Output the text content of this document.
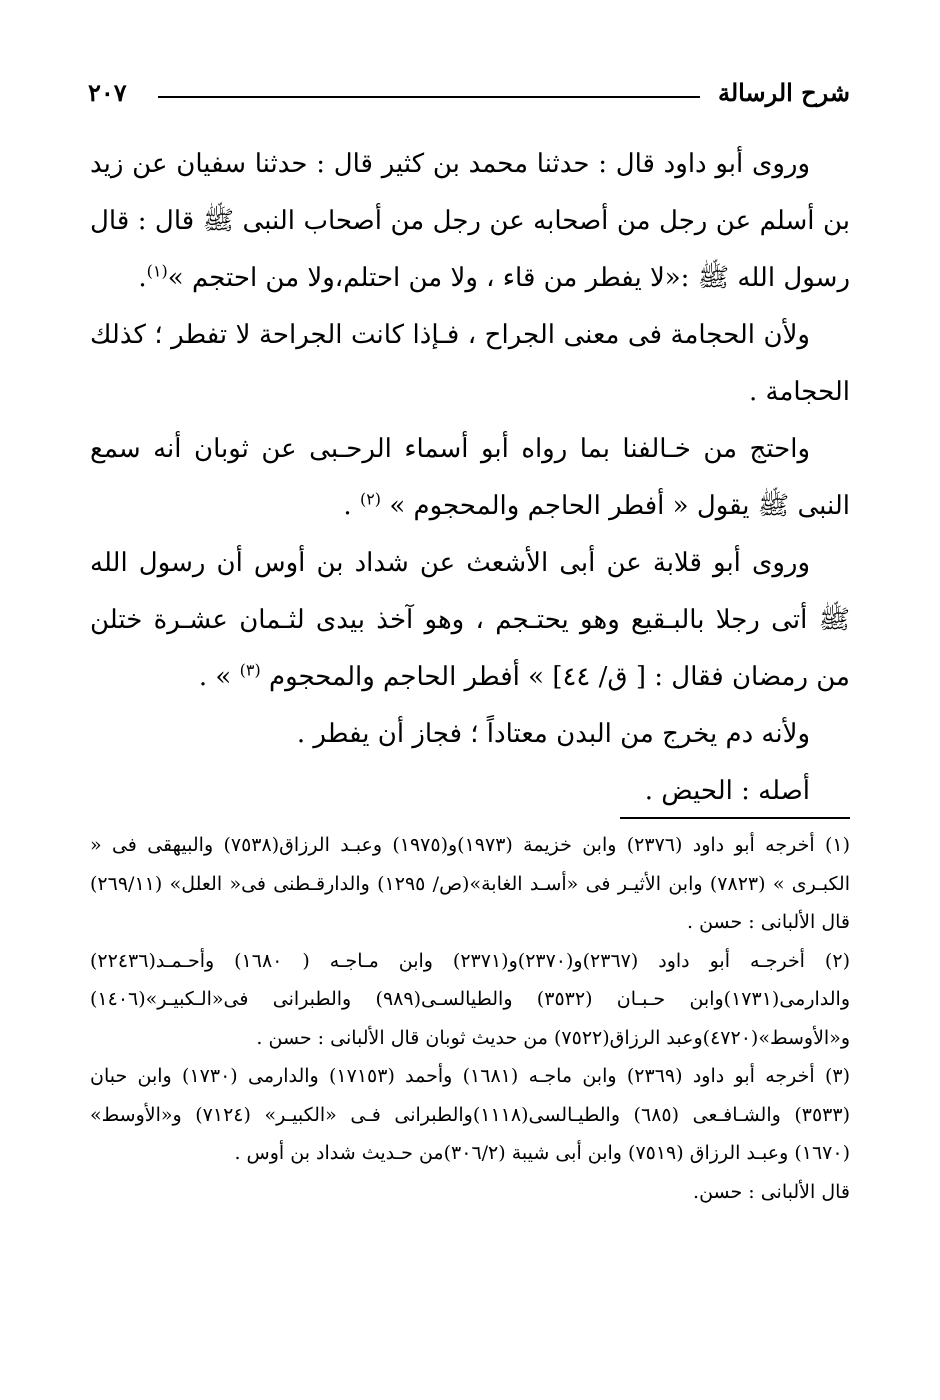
شرح الرسالة
٢٠٧

وروى أبو داود قال : حدثنا محمد بن كثير قال : حدثنا سفيان عن زيد بن أسلم عن رجل من أصحابه عن رجل من أصحاب النبى ﷺ قال : قال رسول الله ﷺ :«لا يفطر من قاء ، ولا من احتلم،ولا من احتجم »$^{(١)}$.

ولأن الحجامة فى معنى الجراح ، فـإذا كانت الجراحة لا تفطر ؛ كذلك الحجامة .

واحتج من خـالفنا بما رواه أبو أسماء الرحـبى عن ثوبان أنه سمع النبى ﷺ يقول « أفطر الحاجم والمحجوم » $^{(٢)}$ .

وروى أبو قلابة عن أبى الأشعث عن شداد بن أوس أن رسول الله ﷺ أتى رجلا بالبـقيع وهو يحتـجم ، وهو آخذ بيدى لثـمان عشـرة ختلن من رمضان فقال : [ ق/ ٤٤] » أفطر الحاجم والمحجوم $^{(٣)}$ » .

ولأنه دم يخرج من البدن معتاداً ؛ فجاز أن يفطر .

أصله : الحيض .

(١) أخرجه أبو داود (٢٣٧٦) وابن خزيمة (١٩٧٣)و(١٩٧٥) وعبـد الرزاق(٧٥٣٨) والبيهقى فى « الكبـرى » (٧٨٢٣) وابن الأثيـر فى «أسـد الغابة»(ص/ ١٢٩٥) والدارقـطنى فى« العلل» (٢٦٩/١١) قال الألبانى : حسن .

(٢) أخرجـه أبو داود (٢٣٦٧)و(٢٣٧٠)و(٢٣٧١) وابن مـاجـه ( ١٦٨٠) وأحـمـد(٢٢٤٣٦) والدارمى(١٧٣١)وابن حـبـان (٣٥٣٢) والطيالسـى(٩٨٩) والطبرانى فى«الـكبيـر»(١٤٠٦) و«الأوسط»(٤٧٢٠)وعبد الرزاق(٧٥٢٢) من حديث ثوبان قال الألبانى : حسن .

(٣) أخرجه أبو داود (٢٣٦٩) وابن ماجـه (١٦٨١) وأحمد (١٧١٥٣) والدارمى (١٧٣٠) وابن حبان (٣٥٣٣) والشـافـعى (٦٨٥) والطيـالسى(١١١٨)والطبرانى فـى «الكبيـر» (٧١٢٤) و«الأوسط» (١٦٧٠) وعبـد الرزاق (٧٥١٩) وابن أبى شيبة (٣٠٦/٢)من حـديث شداد بن أوس .

قال الألبانى : حسن.
